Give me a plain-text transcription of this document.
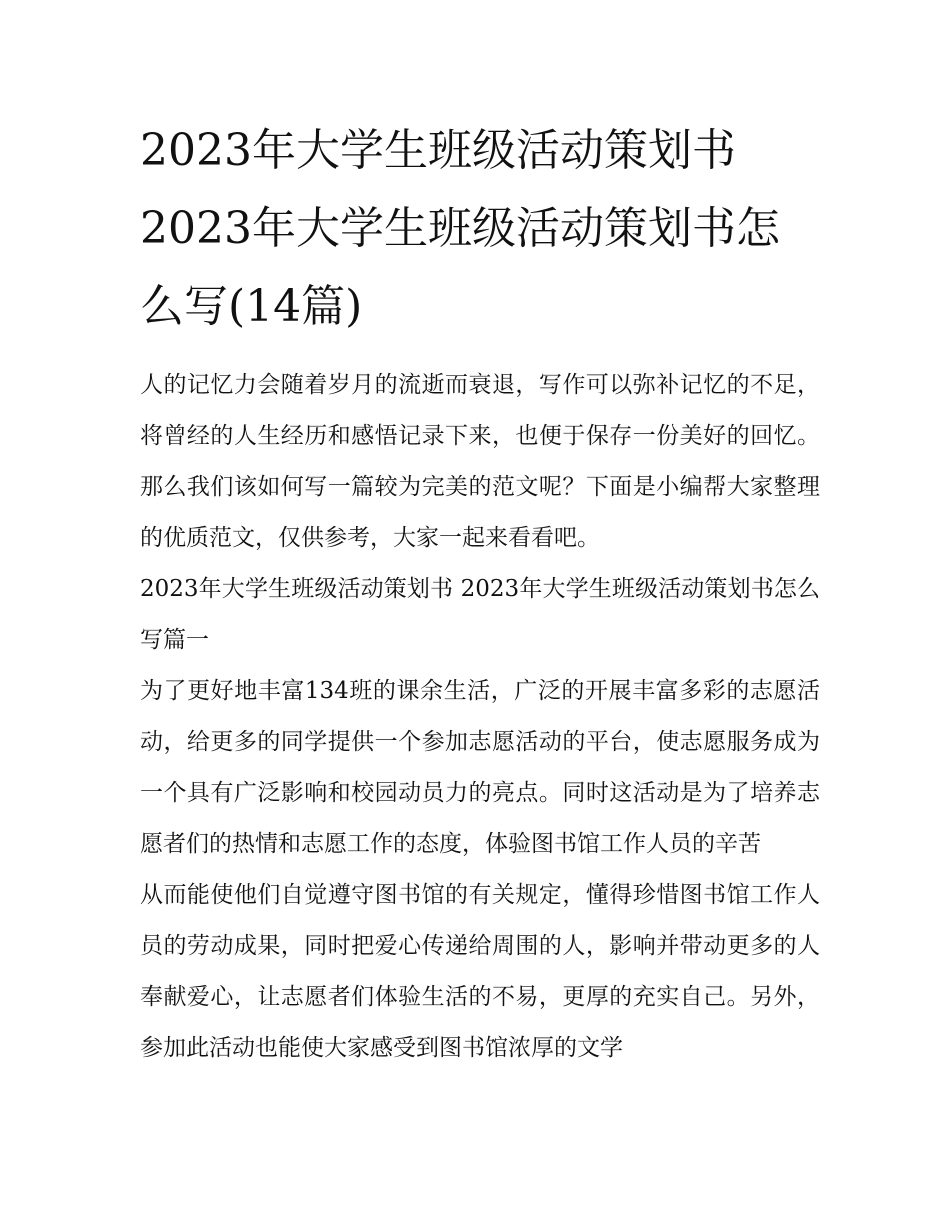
2023年大学生班级活动策划书 2023年大学生班级活动策划书怎么写(14篇)

人的记忆力会随着岁月的流逝而衰退，写作可以弥补记忆的不足，将曾经的人生经历和感悟记录下来，也便于保存一份美好的回忆。那么我们该如何写一篇较为完美的范文呢？下面是小编帮大家整理的优质范文，仅供参考，大家一起来看看吧。

2023年大学生班级活动策划书 2023年大学生班级活动策划书怎么写篇一

为了更好地丰富134班的课余生活，广泛的开展丰富多彩的志愿活动，给更多的同学提供一个参加志愿活动的平台，使志愿服务成为一个具有广泛影响和校园动员力的亮点。同时这活动是为了培养志愿者们的热情和志愿工作的态度，体验图书馆工作人员的辛苦

从而能使他们自觉遵守图书馆的有关规定，懂得珍惜图书馆工作人员的劳动成果，同时把爱心传递给周围的人，影响并带动更多的人奉献爱心，让志愿者们体验生活的不易，更厚的充实自己。另外，参加此活动也能使大家感受到图书馆浓厚的文学
